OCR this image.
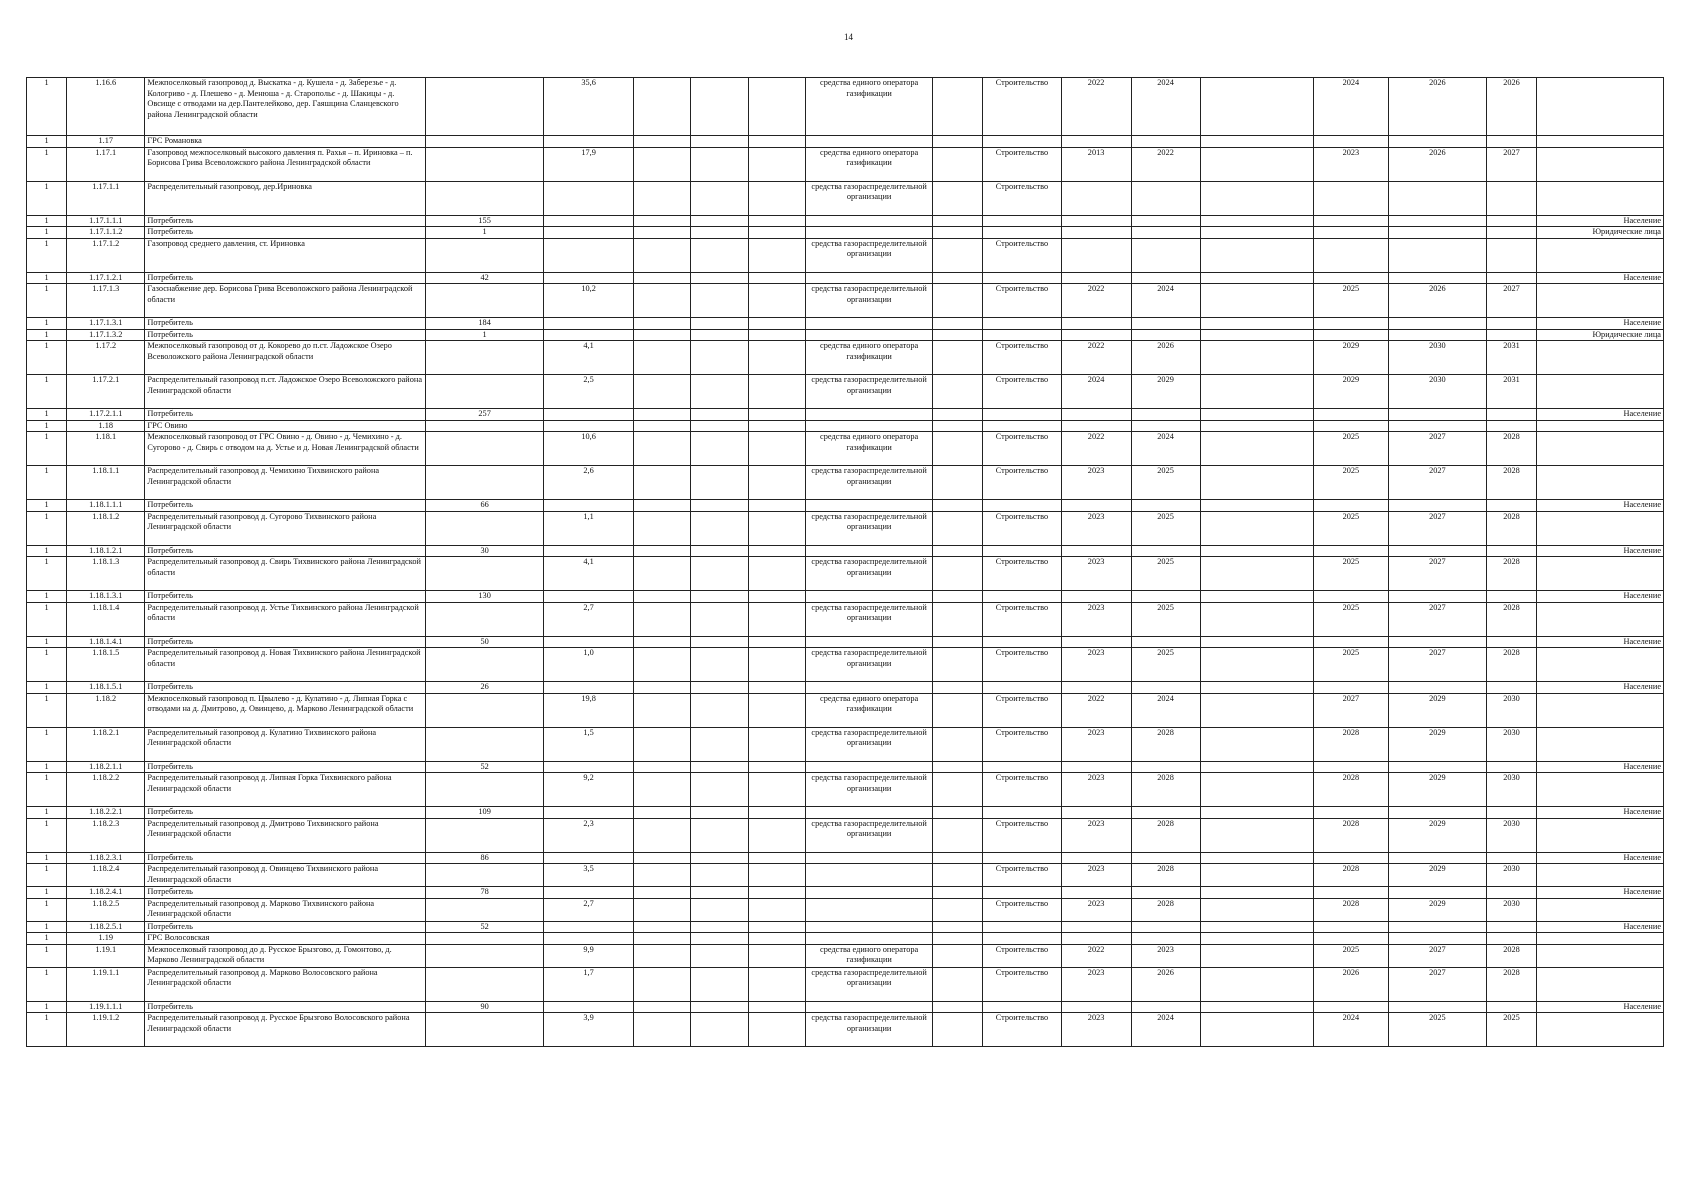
14
1	1.16.6	Межпоселковый газопровод д. Выскатка - д. Кушела - д. Заберезье - д. Кологриво - д. Плешево - д. Менюша - д. Старопольє - д. Шакицы - д. Овсище с отводами на дер.Пантелейково, дер. Гаяшцина Сланцевского района Ленинградской области		35,6				средства единого оператора газификации		Строительство	2022	2024		2024	2026	2026	
1	1.17	ГРС Романовка															
1	1.17.1	Газопровод межпоселковый высокого давления п. Рахья – п. Ириновка – п. Борисова Грива Всеволожского района Ленинградской области		17,9				средства единого оператора газификации		Строительство	2013	2022		2023	2026	2027	
1	1.17.1.1	Распределительный газопровод, дер.Ириновка						средства газораспределительной организации		Строительство							
1	1.17.1.1.1	Потребитель	155														Население
1	1.17.1.1.2	Потребитель	1														Юридические лица
1	1.17.1.2	Газопровод среднего давления, ст. Ириновка						средства газораспределительной организации		Строительство							
1	1.17.1.2.1	Потребитель	42														Население
1	1.17.1.3	Газоснабжение дер. Борисова Грива Всеволожского района Ленинградской области		10,2				средства газораспределительной организации		Строительство	2022	2024		2025	2026	2027	
1	1.17.1.3.1	Потребитель	184														Население
1	1.17.1.3.2	Потребитель	1														Юридические лица
1	1.17.2	Межпоселковый газопровод от д. Кокорево до п.ст. Ладожское Озеро Всеволожского района Ленинградской области		4,1				средства единого оператора газификации		Строительство	2022	2026		2029	2030	2031	
1	1.17.2.1	Распределительный газопровод п.ст. Ладожское Озеро Всеволожского района Ленинградской области		2,5				средства газораспределительной организации		Строительство	2024	2029		2029	2030	2031	
1	1.17.2.1.1	Потребитель	257														Население
1	1.18	ГРС Овино															
1	1.18.1	Межпоселковый газопровод от ГРС Овино - д. Овино - д. Чемихино - д. Сугорово - д. Свирь с отводом на д. Устье и д. Новая Ленинградской области		10,6				средства единого оператора газификации		Строительство	2022	2024		2025	2027	2028	
1	1.18.1.1	Распределительный газопровод д. Чемихино Тихвинского района Ленинградской области		2,6				средства газораспределительной организации		Строительство	2023	2025		2025	2027	2028	
1	1.18.1.1.1	Потребитель	66														Население
1	1.18.1.2	Распределительный газопровод д. Сугорово Тихвинского района Ленинградской области		1,1				средства газораспределительной организации		Строительство	2023	2025		2025	2027	2028	
1	1.18.1.2.1	Потребитель	30														Население
1	1.18.1.3	Распределительный газопровод д. Свирь Тихвинского района Ленинградской области		4,1				средства газораспределительной организации		Строительство	2023	2025		2025	2027	2028	
1	1.18.1.3.1	Потребитель	130														Население
1	1.18.1.4	Распределительный газопровод д. Устье Тихвинского района Ленинградской области		2,7				средства газораспределительной организации		Строительство	2023	2025		2025	2027	2028	
1	1.18.1.4.1	Потребитель	50														Население
1	1.18.1.5	Распределительный газопровод д. Новая Тихвинского района Ленинградской области		1,0				средства газораспределительной организации		Строительство	2023	2025		2025	2027	2028	
1	1.18.1.5.1	Потребитель	26														Население
1	1.18.2	Межпоселковый газопровод п. Цвылево - д. Кулатино - д. Липная Горка с отводами на д. Дмитрово, д. Овинцево, д. Марково Ленинградской области		19,8				средства единого оператора газификации		Строительство	2022	2024		2027	2029	2030	
1	1.18.2.1	Распределительный газопровод д. Кулатино Тихвинского района Ленинградской области		1,5				средства газораспределительной организации		Строительство	2023	2028		2028	2029	2030	
1	1.18.2.1.1	Потребитель	52														Население
1	1.18.2.2	Распределительный газопровод д. Липная Горка Тихвинского района Ленинградской области		9,2				средства газораспределительной организации		Строительство	2023	2028		2028	2029	2030	
1	1.18.2.2.1	Потребитель	109														Население
1	1.18.2.3	Распределительный газопровод д. Дмитрово Тихвинского района Ленинградской области		2,3				средства газораспределительной организации		Строительство	2023	2028		2028	2029	2030	
1	1.18.2.3.1	Потребитель	86														Население
1	1.18.2.4	Распределительный газопровод д. Овинцево Тихвинского района Ленинградской области		3,5						Строительство	2023	2028		2028	2029	2030	
1	1.18.2.4.1	Потребитель	78														Население
1	1.18.2.5	Распределительный газопровод д. Марково Тихвинского района Ленинградской области		2,7						Строительство	2023	2028		2028	2029	2030	
1	1.18.2.5.1	Потребитель	52														Население
1	1.19	ГРС Волосовская															
1	1.19.1	Межпоселковый газопровод до д. Русское Брызгово, д. Гомонтово, д. Марково Ленинградской области		9,9				средства единого оператора газификации		Строительство	2022	2023		2025	2027	2028	
1	1.19.1.1	Распределительный газопровод д. Марково Волосовского района Ленинградской области		1,7				средства газораспределительной организации		Строительство	2023	2026		2026	2027	2028	
1	1.19.1.1.1	Потребитель	90														Население
1	1.19.1.2	Распределительный газопровод д. Русское Брызгово Волосовского района Ленинградской области		3,9				средства газораспределительной организации		Строительство	2023	2024		2024	2025	2025	
